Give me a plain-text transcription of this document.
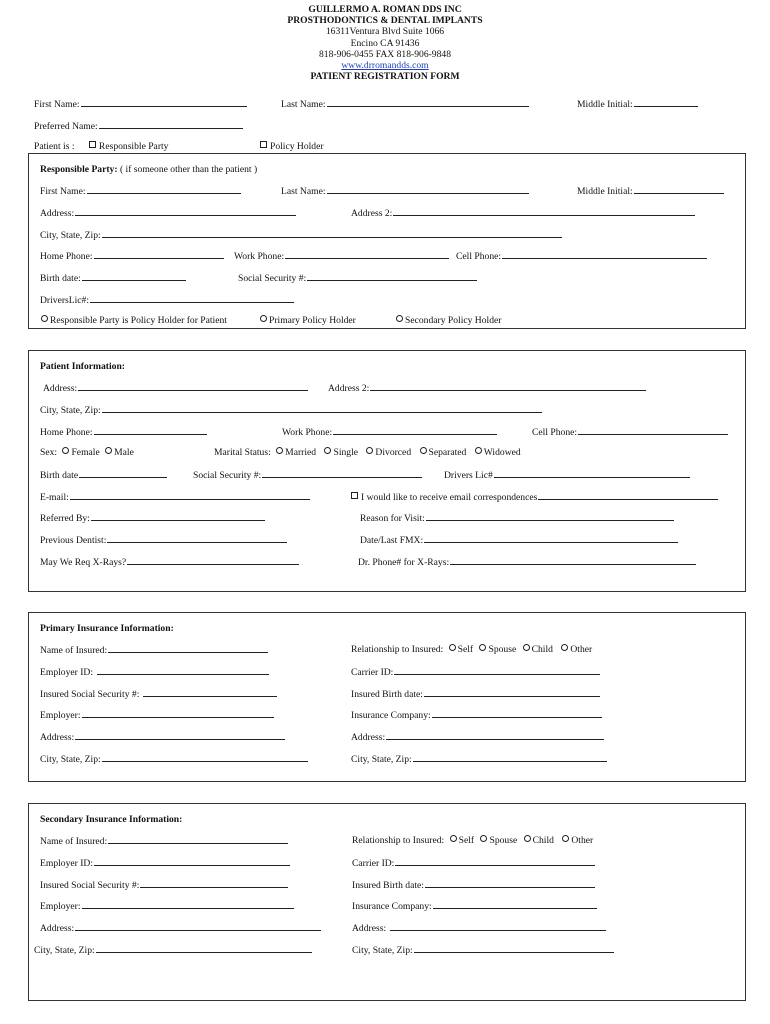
GUILLERMO A. ROMAN DDS INC
PROSTHODONTICS & DENTAL IMPLANTS
16311Ventura Blvd Suite 1066
Encino CA 91436
818-906-0455 FAX 818-906-9848
www.drromandds.com
PATIENT REGISTRATION FORM
First Name:	Last Name:	Middle Initial:
Preferred Name:
Patient is :	Responsible Party	Policy Holder
Responsible Party: ( if someone other than the patient )
First Name:	Last Name:	Middle Initial:
Address:	Address 2:
City, State, Zip:
Home Phone:	Work Phone:	Cell Phone:
Birth date:	Social Security #:
DriversLic#:
Responsible Party is Policy Holder for Patient	Primary Policy Holder	Secondary Policy Holder
Patient Information:
Address:	Address 2:
City, State, Zip:
Home Phone:	Work Phone:	Cell Phone:
Sex: Female Male	Marital Status: Married Single Divorced Separated Widowed
Birth date	Social Security #:	Drivers Lic#
E-mail:	I would like to receive email correspondences
Referred By:	Reason for Visit:
Previous Dentist:	Date/Last FMX:
May We Req X-Rays?	Dr. Phone# for X-Rays:
Primary Insurance Information:
Name of Insured:	Relationship to Insured: Self Spouse Child Other
Employer ID:	Carrier ID:
Insured Social Security #:	Insured Birth date:
Employer:	Insurance Company:
Address:	Address:
City, State, Zip:	City, State, Zip:
Secondary Insurance Information:
Name of Insured:	Relationship to Insured: Self Spouse Child Other
Employer ID:	Carrier ID:
Insured Social Security #:	Insured Birth date:
Employer:	Insurance Company:
Address:	Address:
City, State, Zip:	City, State, Zip:
